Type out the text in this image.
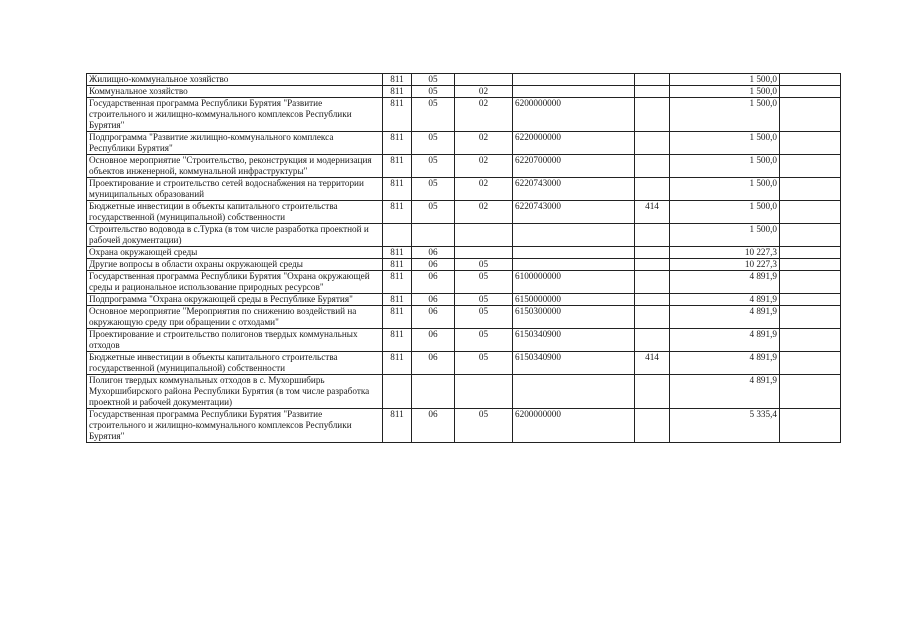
Жилищно-коммунальное хозяйство	811	05				1 500,0	
Коммунальное хозяйство	811	05	02			1 500,0	
Государственная программа Республики Бурятия "Развитие строительного и жилищно-коммунального комплексов Республики Бурятия"	811	05	02	6200000000		1 500,0	
Подпрограмма "Развитие жилищно-коммунального комплекса Республики Бурятия"	811	05	02	6220000000		1 500,0	
Основное мероприятие "Строительство, реконструкция и модернизация объектов инженерной, коммунальной инфраструктуры"	811	05	02	6220700000		1 500,0	
Проектирование и строительство сетей водоснабжения на территории муниципальных образований	811	05	02	6220743000		1 500,0	
Бюджетные инвестиции в объекты капитального строительства государственной (муниципальной) собственности	811	05	02	6220743000	414	1 500,0	
Строительство водовода в с.Турка (в том числе разработка проектной и рабочей документации)						1 500,0	
Охрана окружающей среды	811	06				10 227,3	
Другие вопросы в области охраны окружающей среды	811	06	05			10 227,3	
Государственная программа Республики Бурятия "Охрана окружающей среды и рациональное использование природных ресурсов"	811	06	05	6100000000		4 891,9	
Подпрограмма "Охрана окружающей среды в Республике Бурятия"	811	06	05	6150000000		4 891,9	
Основное мероприятие "Мероприятия по снижению воздействий на окружающую среду при обращении с отходами"	811	06	05	6150300000		4 891,9	
Проектирование и строительство полигонов твердых коммунальных отходов	811	06	05	6150340900		4 891,9	
Бюджетные инвестиции в объекты капитального строительства государственной (муниципальной) собственности	811	06	05	6150340900	414	4 891,9	
Полигон твердых коммунальных отходов в с. Мухоршибирь Мухоршибирского района Республики Бурятия (в том числе разработка проектной и рабочей документации)						4 891,9	
Государственная программа Республики Бурятия "Развитие строительного и жилищно-коммунального комплексов Республики Бурятия"	811	06	05	6200000000		5 335,4	
